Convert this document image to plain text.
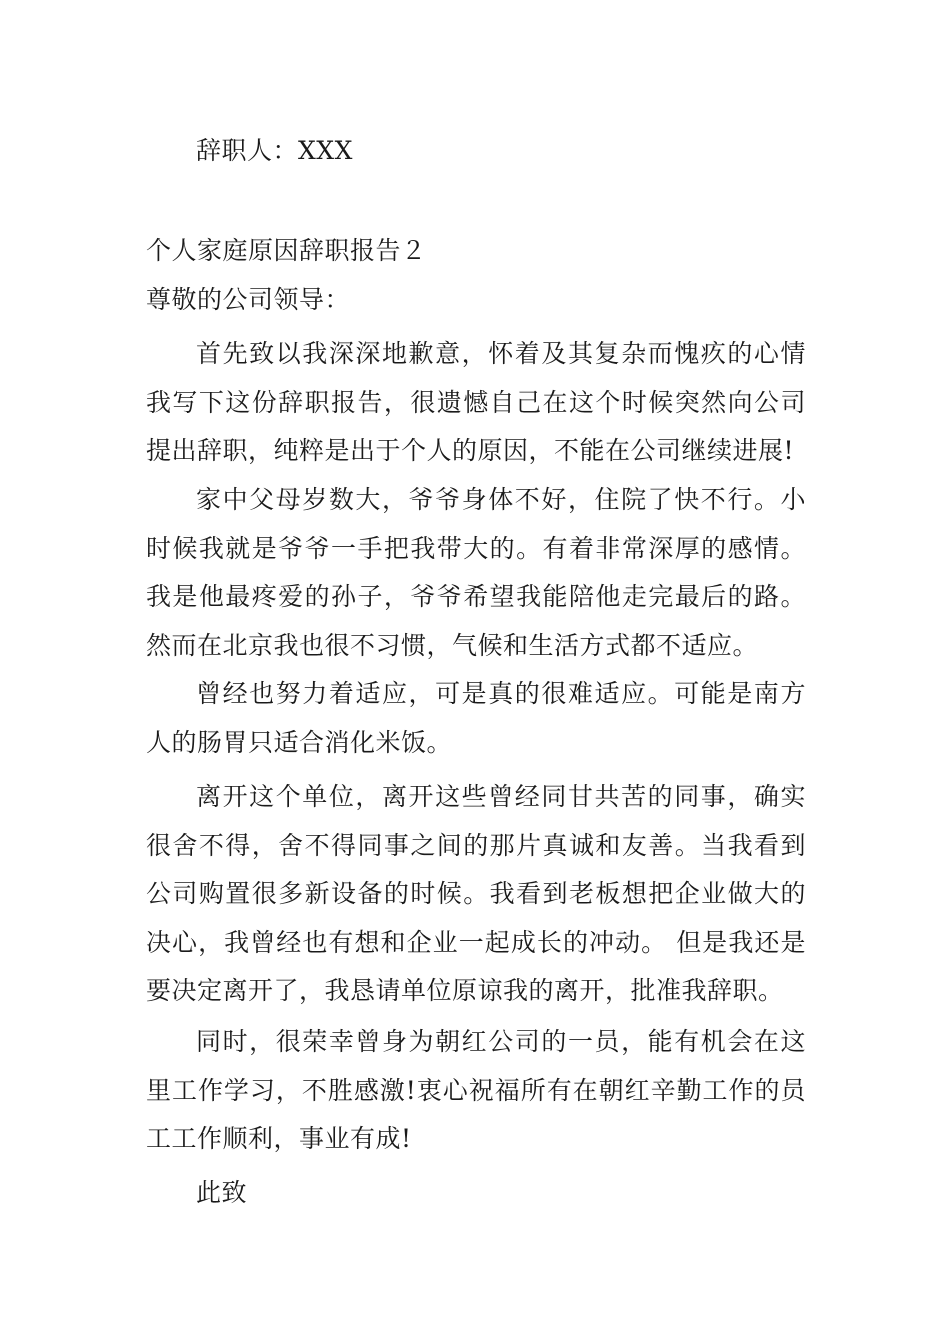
辞职人：XXX
个人家庭原因辞职报告２
尊敬的公司领导：

首先致以我深深地歉意，怀着及其复杂而愧疚的心情我写下这份辞职报告，很遗憾自己在这个时候突然向公司提出辞职，纯粹是出于个人的原因，不能在公司继续进展!

家中父母岁数大，爷爷身体不好，住院了快不行。小时候我就是爷爷一手把我带大的。有着非常深厚的感情。我是他最疼爱的孙子，爷爷希望我能陪他走完最后的路。然而在北京我也很不习惯，气候和生活方式都不适应。

曾经也努力着适应，可是真的很难适应。可能是南方人的肠胃只适合消化米饭。

离开这个单位，离开这些曾经同甘共苦的同事，确实很舍不得，舍不得同事之间的那片真诚和友善。当我看到公司购置很多新设备的时候。我看到老板想把企业做大的决心，我曾经也有想和企业一起成长的冲动。 但是我还是要决定离开了，我恳请单位原谅我的离开，批准我辞职。

同时，很荣幸曾身为朝红公司的一员，能有机会在这里工作学习，不胜感激!衷心祝福所有在朝红辛勤工作的员工工作顺利，事业有成!

此致
